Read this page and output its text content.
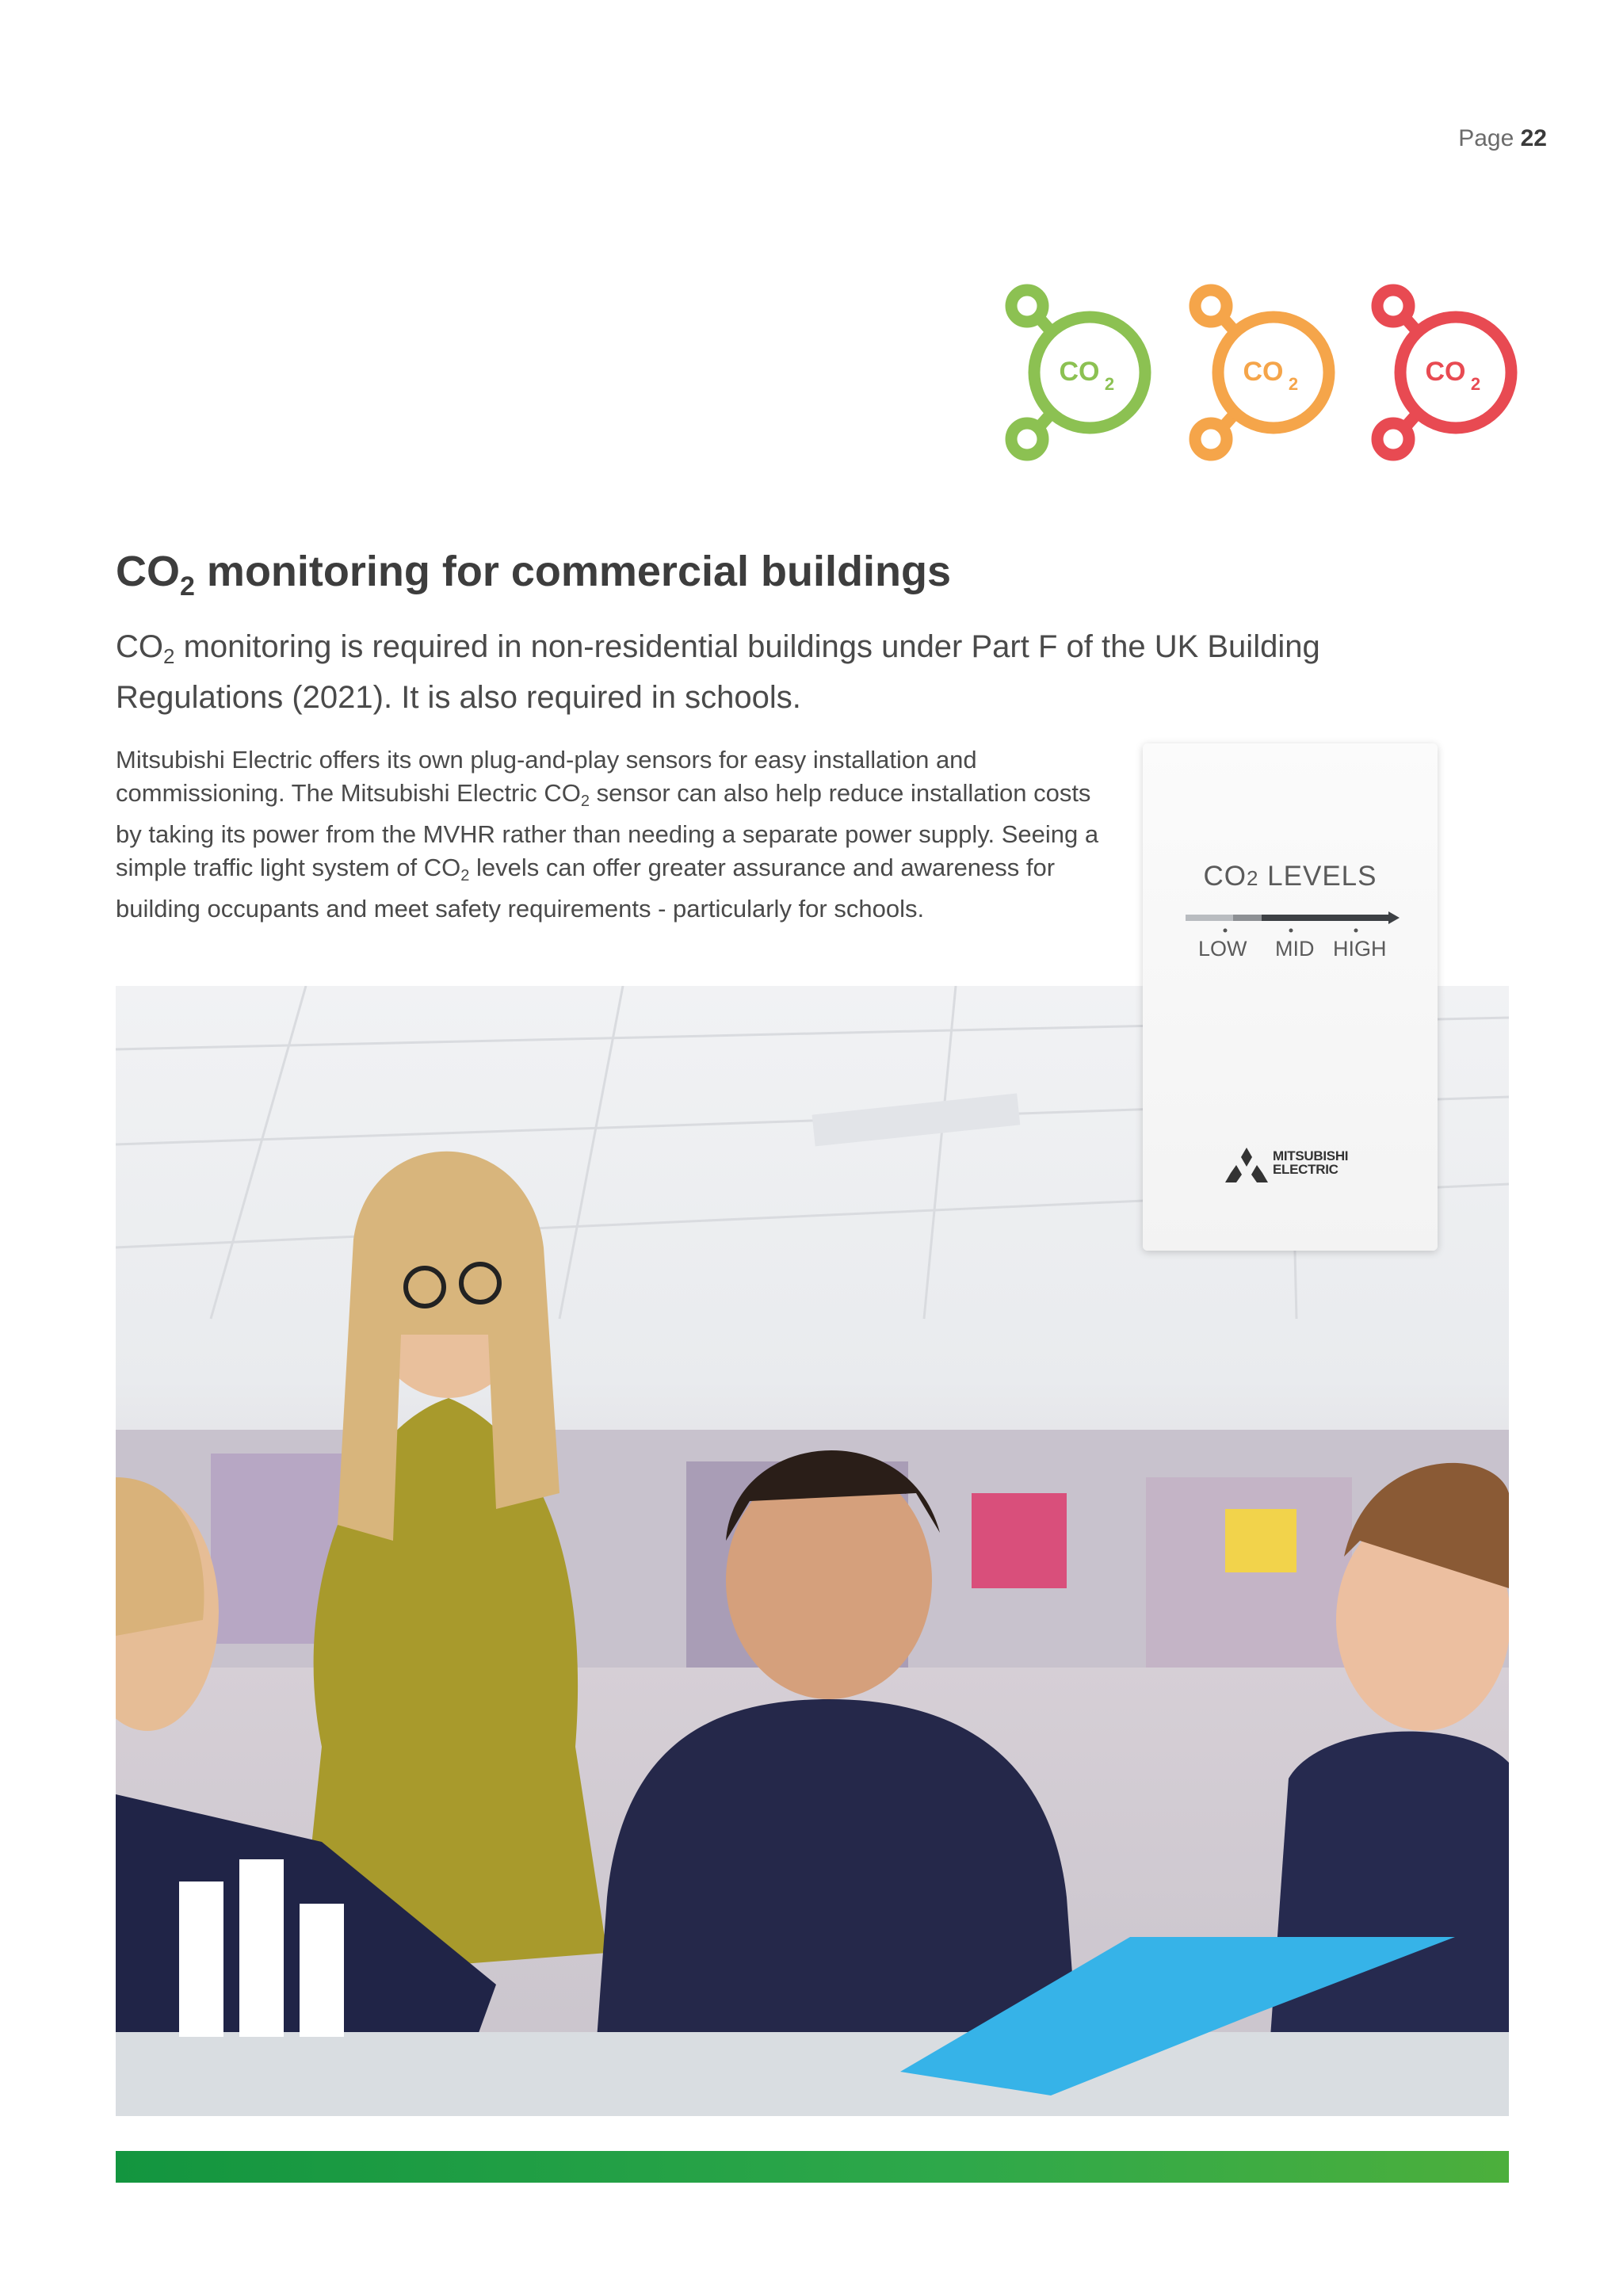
Page 22
CO 2	CO 2	CO 2
$CO_2$ monitoring for commercial buildings

$CO_2$ monitoring is required in non-residential buildings under Part F of the UK Building Regulations (2021). It is also required in schools.

Mitsubishi Electric offers its own plug-and-play sensors for easy installation and commissioning. The Mitsubishi Electric $CO_2$ sensor can also help reduce installation costs by taking its power from the MVHR rather than needing a separate power supply. Seeing a simple traffic light system of $CO_2$ levels can offer greater assurance and awareness for building occupants and meet safety requirements - particularly for schools.

CO2 LEVELS
LOW MID HIGH
MITSUBISHI
ELECTRIC
